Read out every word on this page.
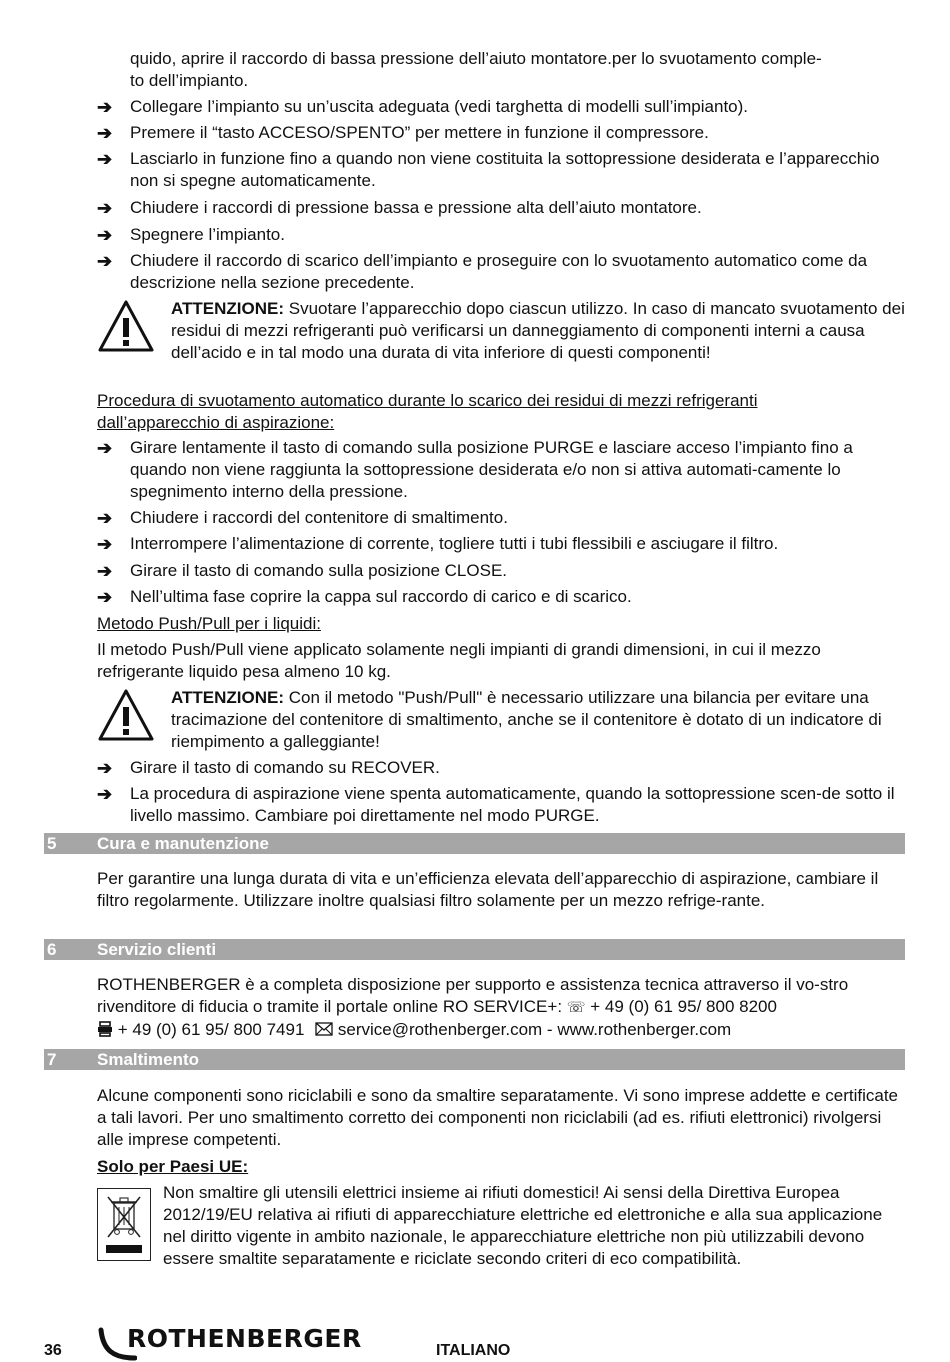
quido, aprire il raccordo di bassa pressione dell’aiuto montatore.per lo svuotamento comple-
to dell’impianto.
➔	Collegare l’impianto su un’uscita adeguata (vedi targhetta di modelli sull’impianto).
➔	Premere il “tasto ACCESO/SPENTO” per mettere in funzione il compressore.
➔	Lasciarlo in funzione fino a quando non viene costituita la sottopressione desiderata e l’apparecchio non si spegne automaticamente.
➔	Chiudere i raccordi di pressione bassa e pressione alta dell’aiuto montatore.
➔	Spegnere l’impianto.
➔	Chiudere il raccordo di scarico dell’impianto e proseguire con lo svuotamento automatico come da descrizione nella sezione precedente.
ATTENZIONE: Svuotare l’apparecchio dopo ciascun utilizzo. In caso di mancato svuotamento dei residui di mezzi refrigeranti può verificarsi un danneggiamento di componenti interni a causa dell’acido e in tal modo una durata di vita inferiore di questi componenti!
Procedura di svuotamento automatico durante lo scarico dei residui di mezzi refrigeranti dall’apparecchio di aspirazione:
➔	Girare lentamente il tasto di comando sulla posizione PURGE e lasciare acceso l’impianto fino a quando non viene raggiunta la sottopressione desiderata e/o non si attiva automati-camente lo spegnimento interno della pressione.
➔	Chiudere i raccordi del contenitore di smaltimento.
➔	Interrompere l’alimentazione di corrente, togliere tutti i tubi flessibili e asciugare il filtro.
➔	Girare il tasto di comando sulla posizione CLOSE.
➔	Nell’ultima fase coprire la cappa sul raccordo di carico e di scarico.
Metodo Push/Pull per i liquidi:
Il metodo Push/Pull viene applicato solamente negli impianti di grandi dimensioni, in cui il mezzo refrigerante liquido pesa almeno 10 kg.
ATTENZIONE: Con il metodo "Push/Pull" è necessario utilizzare una bilancia per evitare una tracimazione del contenitore di smaltimento, anche se il contenitore è dotato di un indicatore di riempimento a galleggiante!
➔	Girare il tasto di comando su RECOVER.
➔	La procedura di aspirazione viene spenta automaticamente, quando la sottopressione scen-de sotto il livello massimo. Cambiare poi direttamente nel modo PURGE.
5 Cura e manutenzione
Per garantire una lunga durata di vita e un’efficienza elevata dell’apparecchio di aspirazione, cambiare il filtro regolarmente. Utilizzare inoltre qualsiasi filtro solamente per un mezzo refrige-rante.
6 Servizio clienti
ROTHENBERGER è a completa disposizione per supporto e assistenza tecnica attraverso il vo-stro rivenditore di fiducia o tramite il portale online RO SERVICE+: ☏ + 49 (0) 61 95/ 800 8200
+ 49 (0) 61 95/ 800 7491  service@rothenberger.com - www.rothenberger.com
7 Smaltimento
Alcune componenti sono riciclabili e sono da smaltire separatamente. Vi sono imprese addette e certificate a tali lavori. Per uno smaltimento corretto dei componenti non riciclabili (ad es. rifiuti elettronici) rivolgersi alle imprese competenti.
Solo per Paesi UE:
Non smaltire gli utensili elettrici insieme ai rifiuti domestici! Ai sensi della Direttiva Europea 2012/19/EU relativa ai rifiuti di apparecchiature elettriche ed elettroniche e alla sua applicazione nel diritto vigente in ambito nazionale, le apparecchiature elettriche non più utilizzabili devono essere smaltite separatamente e riciclate secondo criteri di eco compatibilità.
36	ROTHENBERGER	ITALIANO
